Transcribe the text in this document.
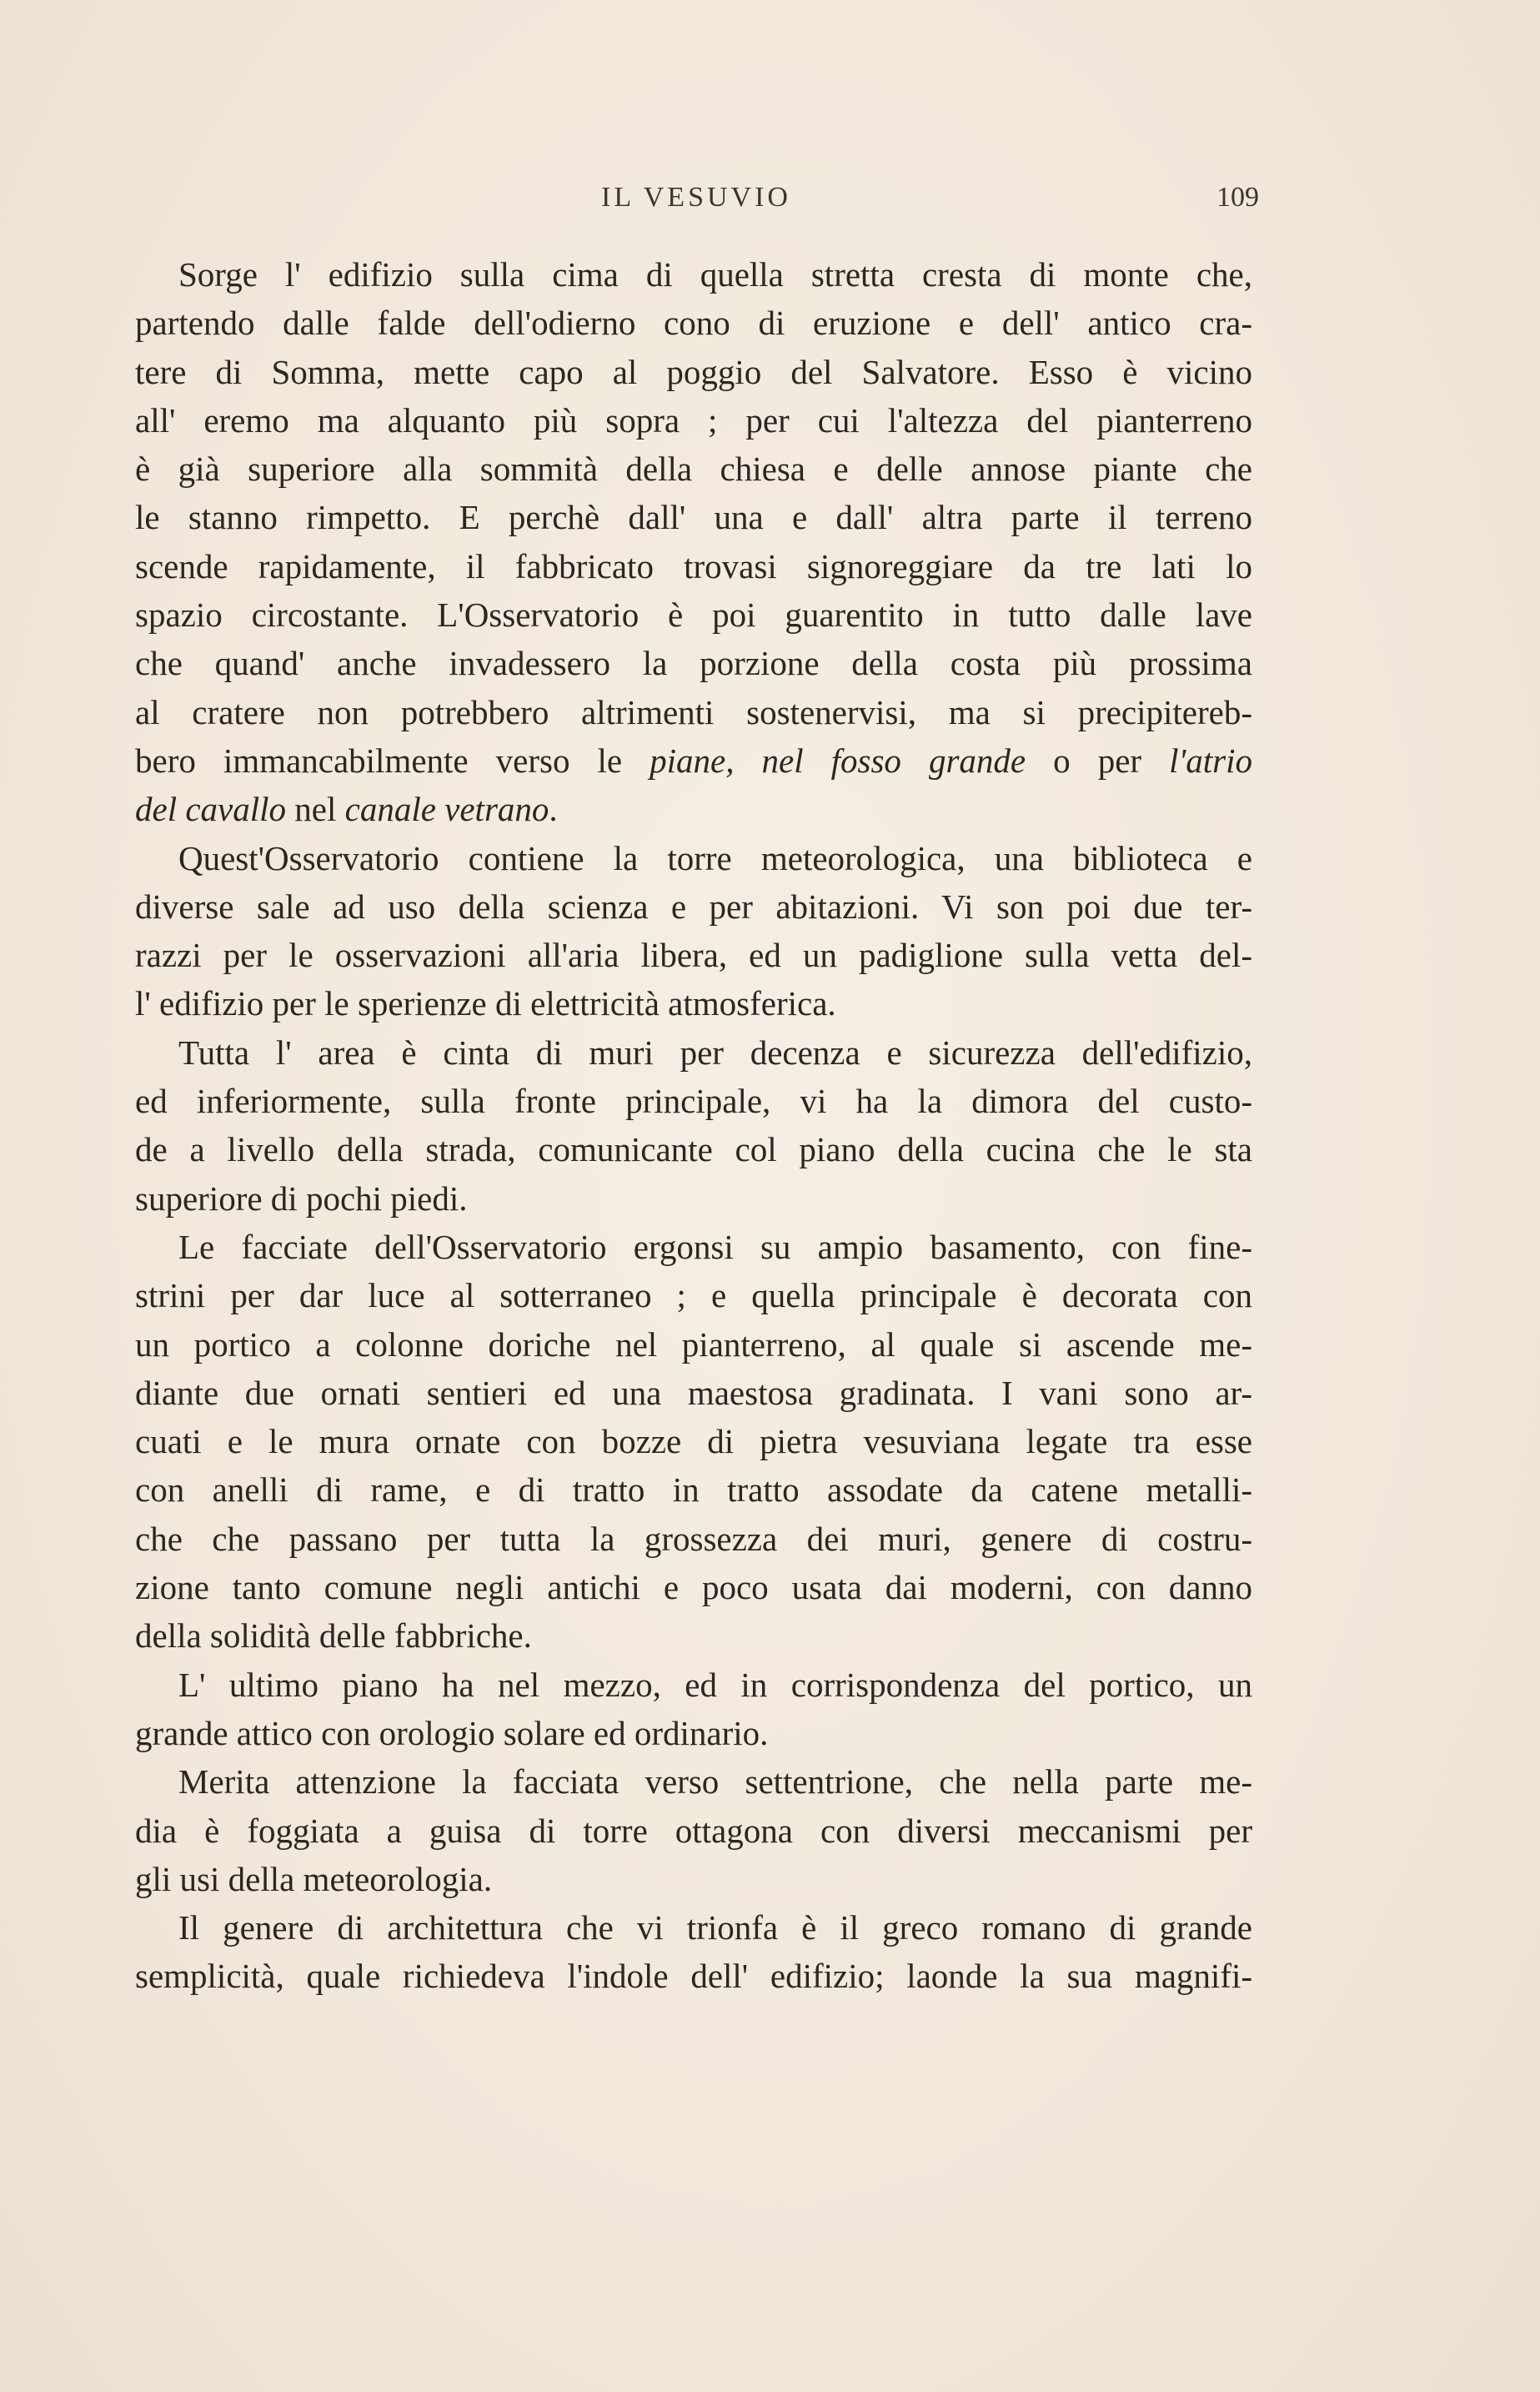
IL VESUVIO	109
Sorge l' edifizio sulla cima di quella stretta cresta di monte che,
partendo dalle falde dell'odierno cono di eruzione e dell' antico cra-
tere di Somma, mette capo al poggio del Salvatore. Esso è vicino
all' eremo ma alquanto più sopra ; per cui l'altezza del pianterreno
è già superiore alla sommità della chiesa e delle annose piante che
le stanno rimpetto. E perchè dall' una e dall' altra parte il terreno
scende rapidamente, il fabbricato trovasi signoreggiare da tre lati lo
spazio circostante. L'Osservatorio è poi guarentito in tutto dalle lave
che quand' anche invadessero la porzione della costa più prossima
al cratere non potrebbero altrimenti sostenervisi, ma si precipitereb-
bero immancabilmente verso le piane, nel fosso grande o per l'atrio
del cavallo nel canale vetrano.
Quest'Osservatorio contiene la torre meteorologica, una biblioteca e
diverse sale ad uso della scienza e per abitazioni. Vi son poi due ter-
razzi per le osservazioni all'aria libera, ed un padiglione sulla vetta del-
l' edifizio per le sperienze di elettricità atmosferica.
Tutta l' area è cinta di muri per decenza e sicurezza dell'edifizio,
ed inferiormente, sulla fronte principale, vi ha la dimora del custo-
de a livello della strada, comunicante col piano della cucina che le sta
superiore di pochi piedi.
Le facciate dell'Osservatorio ergonsi su ampio basamento, con fine-
strini per dar luce al sotterraneo ; e quella principale è decorata con
un portico a colonne doriche nel pianterreno, al quale si ascende me-
diante due ornati sentieri ed una maestosa gradinata. I vani sono ar-
cuati e le mura ornate con bozze di pietra vesuviana legate tra esse
con anelli di rame, e di tratto in tratto assodate da catene metalli-
che che passano per tutta la grossezza dei muri, genere di costru-
zione tanto comune negli antichi e poco usata dai moderni, con danno
della solidità delle fabbriche.
L' ultimo piano ha nel mezzo, ed in corrispondenza del portico, un
grande attico con orologio solare ed ordinario.
Merita attenzione la facciata verso settentrione, che nella parte me-
dia è foggiata a guisa di torre ottagona con diversi meccanismi per
gli usi della meteorologia.
Il genere di architettura che vi trionfa è il greco romano di grande
semplicità, quale richiedeva l'indole dell' edifizio; laonde la sua magnifi-
